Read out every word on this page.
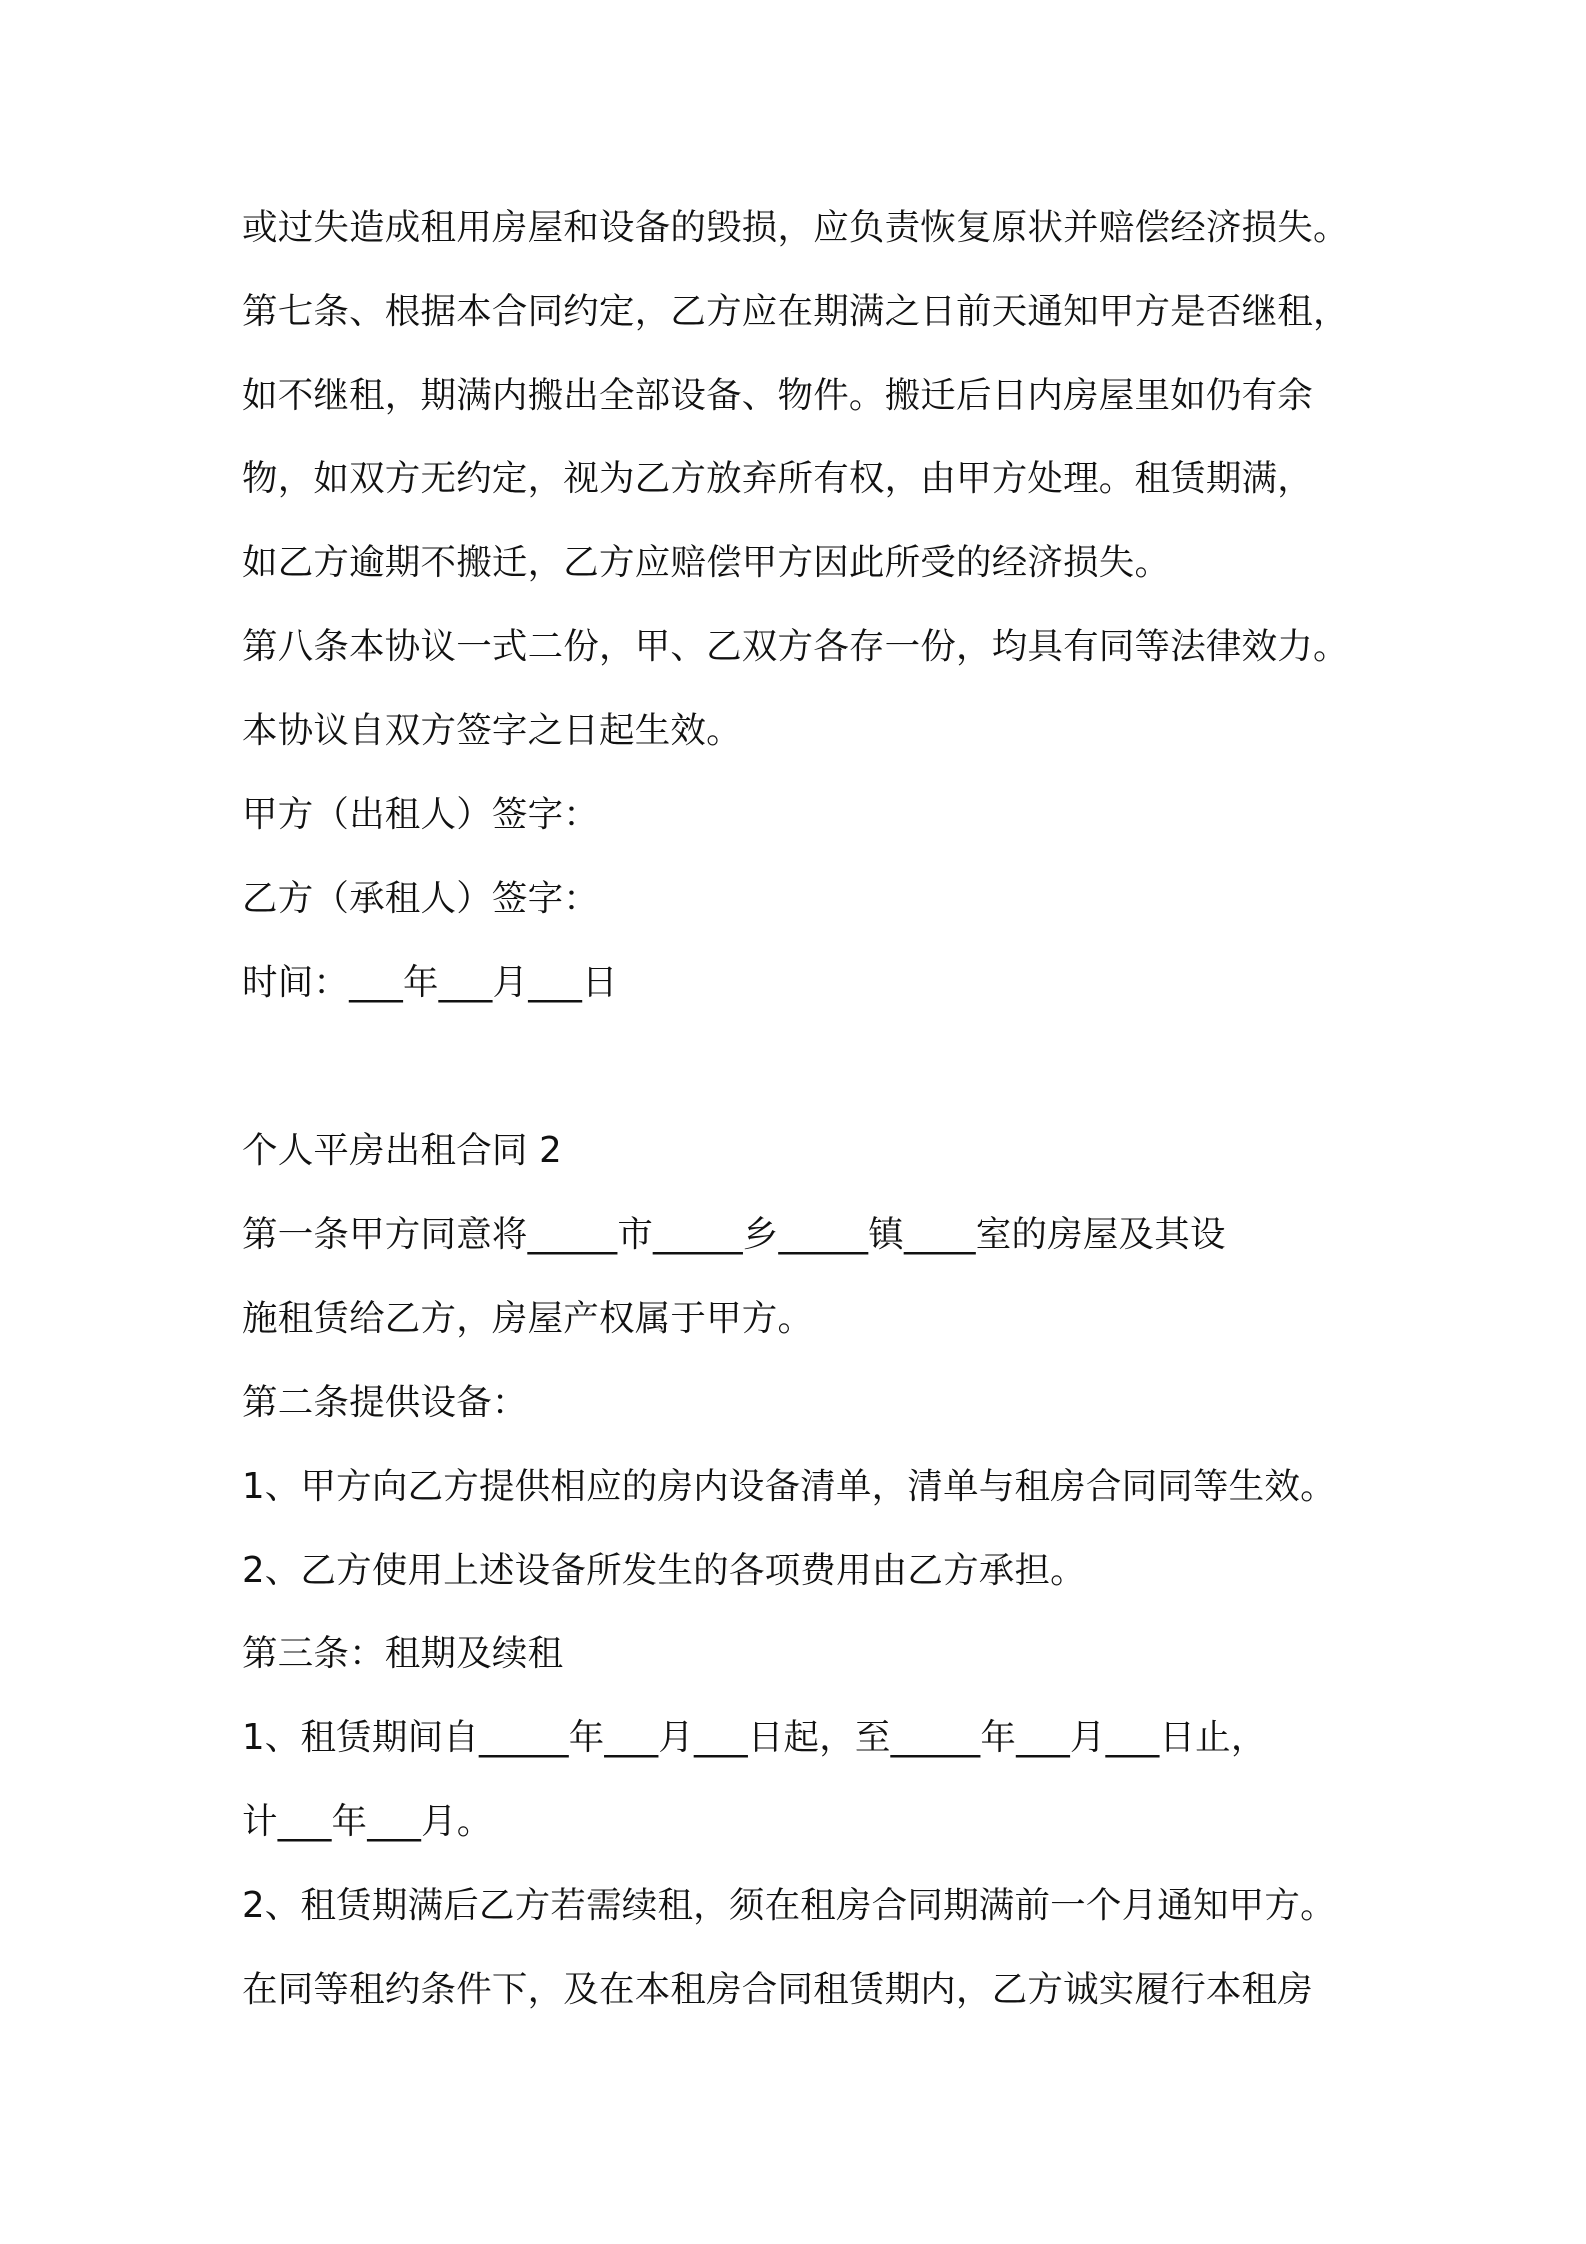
或过失造成租用房屋和设备的毁损，应负责恢复原状并赔偿经济损失。
第七条、根据本合同约定，乙方应在期满之日前天通知甲方是否继租，
如不继租，期满内搬出全部设备、物件。搬迁后日内房屋里如仍有余
物，如双方无约定，视为乙方放弃所有权，由甲方处理。租赁期满，
如乙方逾期不搬迁，乙方应赔偿甲方因此所受的经济损失。
第八条本协议一式二份，甲、乙双方各存一份，均具有同等法律效力。
本协议自双方签字之日起生效。
甲方（出租人）签字：
乙方（承租人）签字：
时间：___年___月___日
个人平房出租合同 2
第一条甲方同意将_____市_____乡_____镇____室的房屋及其设
施租赁给乙方，房屋产权属于甲方。
第二条提供设备：
1、甲方向乙方提供相应的房内设备清单，清单与租房合同同等生效。
2、乙方使用上述设备所发生的各项费用由乙方承担。
第三条：租期及续租
1、租赁期间自_____年___月___日起，至_____年___月___日止，
计___年___月。
2、租赁期满后乙方若需续租，须在租房合同期满前一个月通知甲方。
在同等租约条件下，及在本租房合同租赁期内，乙方诚实履行本租房
